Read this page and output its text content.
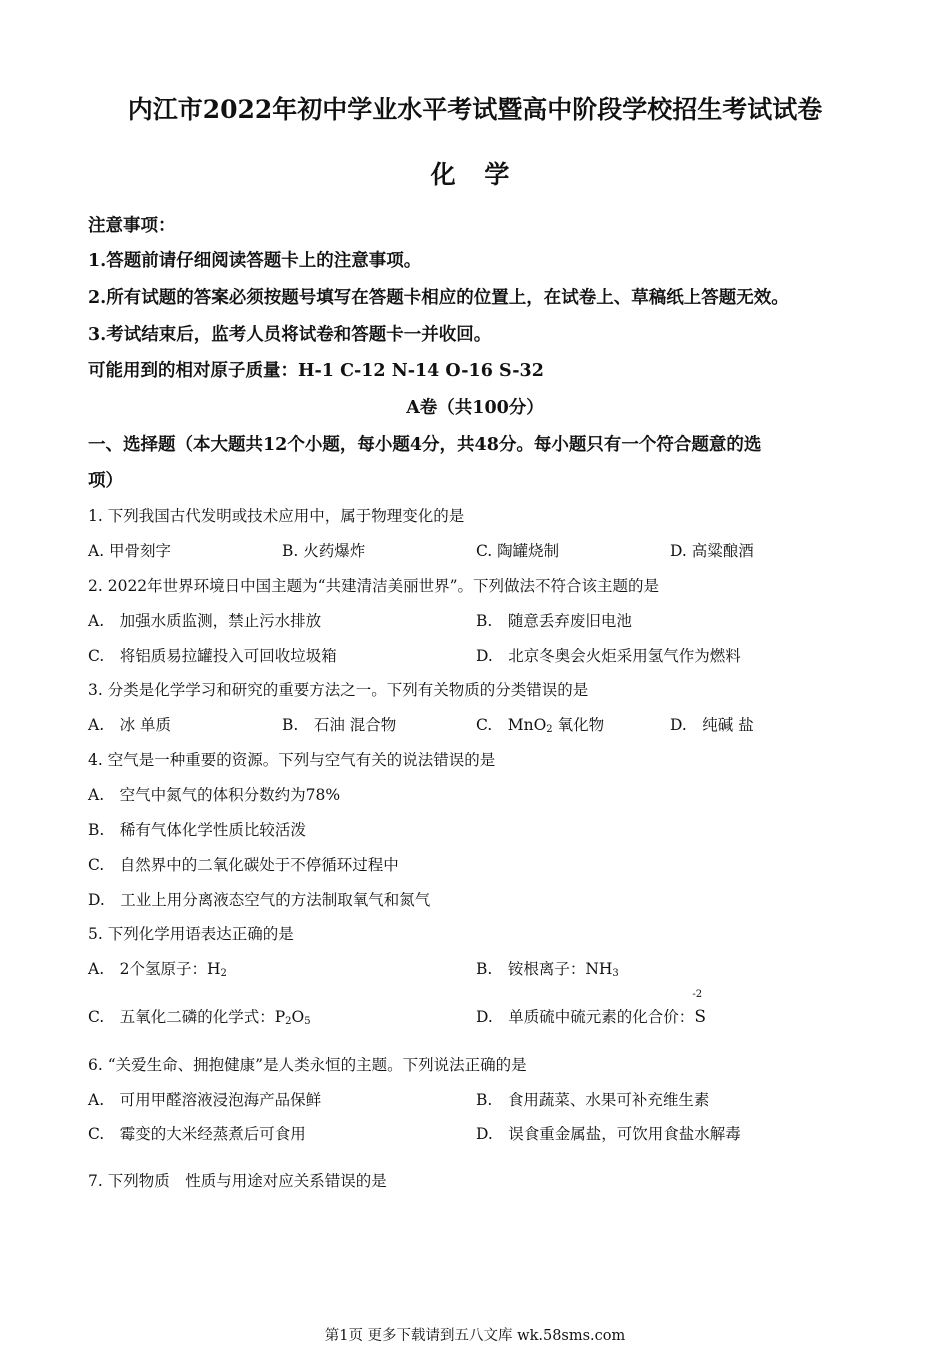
内江市2022年初中学业水平考试暨高中阶段学校招生考试试卷
化 学
注意事项：
1.答题前请仔细阅读答题卡上的注意事项。
2.所有试题的答案必须按题号填写在答题卡相应的位置上，在试卷上、草稿纸上答题无效。
3.考试结束后，监考人员将试卷和答题卡一并收回。
可能用到的相对原子质量：H-1 C-12 N-14 O-16 S-32
A卷（共100分）
一、选择题（本大题共12个小题，每小题4分，共48分。每小题只有一个符合题意的选
项）
1. 下列我国古代发明或技术应用中，属于物理变化的是
A. 甲骨刻字	B. 火药爆炸	C. 陶罐烧制	D. 高粱酿酒
2. 2022年世界环境日中国主题为“共建清洁美丽世界”。下列做法不符合该主题的是
A.　加强水质监测，禁止污水排放	B.　随意丢弃废旧电池
C.　将铝质易拉罐投入可回收垃圾箱	D.　北京冬奥会火炬采用氢气作为燃料
3. 分类是化学学习和研究的重要方法之一。下列有关物质的分类错误的是
A.　冰 单质	B.　石油 混合物	C.　MnO$_2$ 氧化物	D.　纯碱 盐
4. 空气是一种重要的资源。下列与空气有关的说法错误的是
A.　空气中氮气的体积分数约为78%
B.　稀有气体化学性质比较活泼
C.　自然界中的二氧化碳处于不停循环过程中
D.　工业上用分离液态空气的方法制取氧气和氮气
5. 下列化学用语表达正确的是
A.　2个氢原子：$H_2$	B.　铵根离子：$NH_3$
C.　五氧化二磷的化学式：$P_2O_5$	D.　单质硫中硫元素的化合价：
-2
S
6. “关爱生命、拥抱健康”是人类永恒的主题。下列说法正确的是
A.　可用甲醛溶液浸泡海产品保鲜	B.　食用蔬菜、水果可补充维生素
C.　霉变的大米经蒸煮后可食用	D.　误食重金属盐，可饮用食盐水解毒
7. 下列物质　性质与用途对应关系错误的是
第1页 更多下载请到五八文库 wk.58sms.com
